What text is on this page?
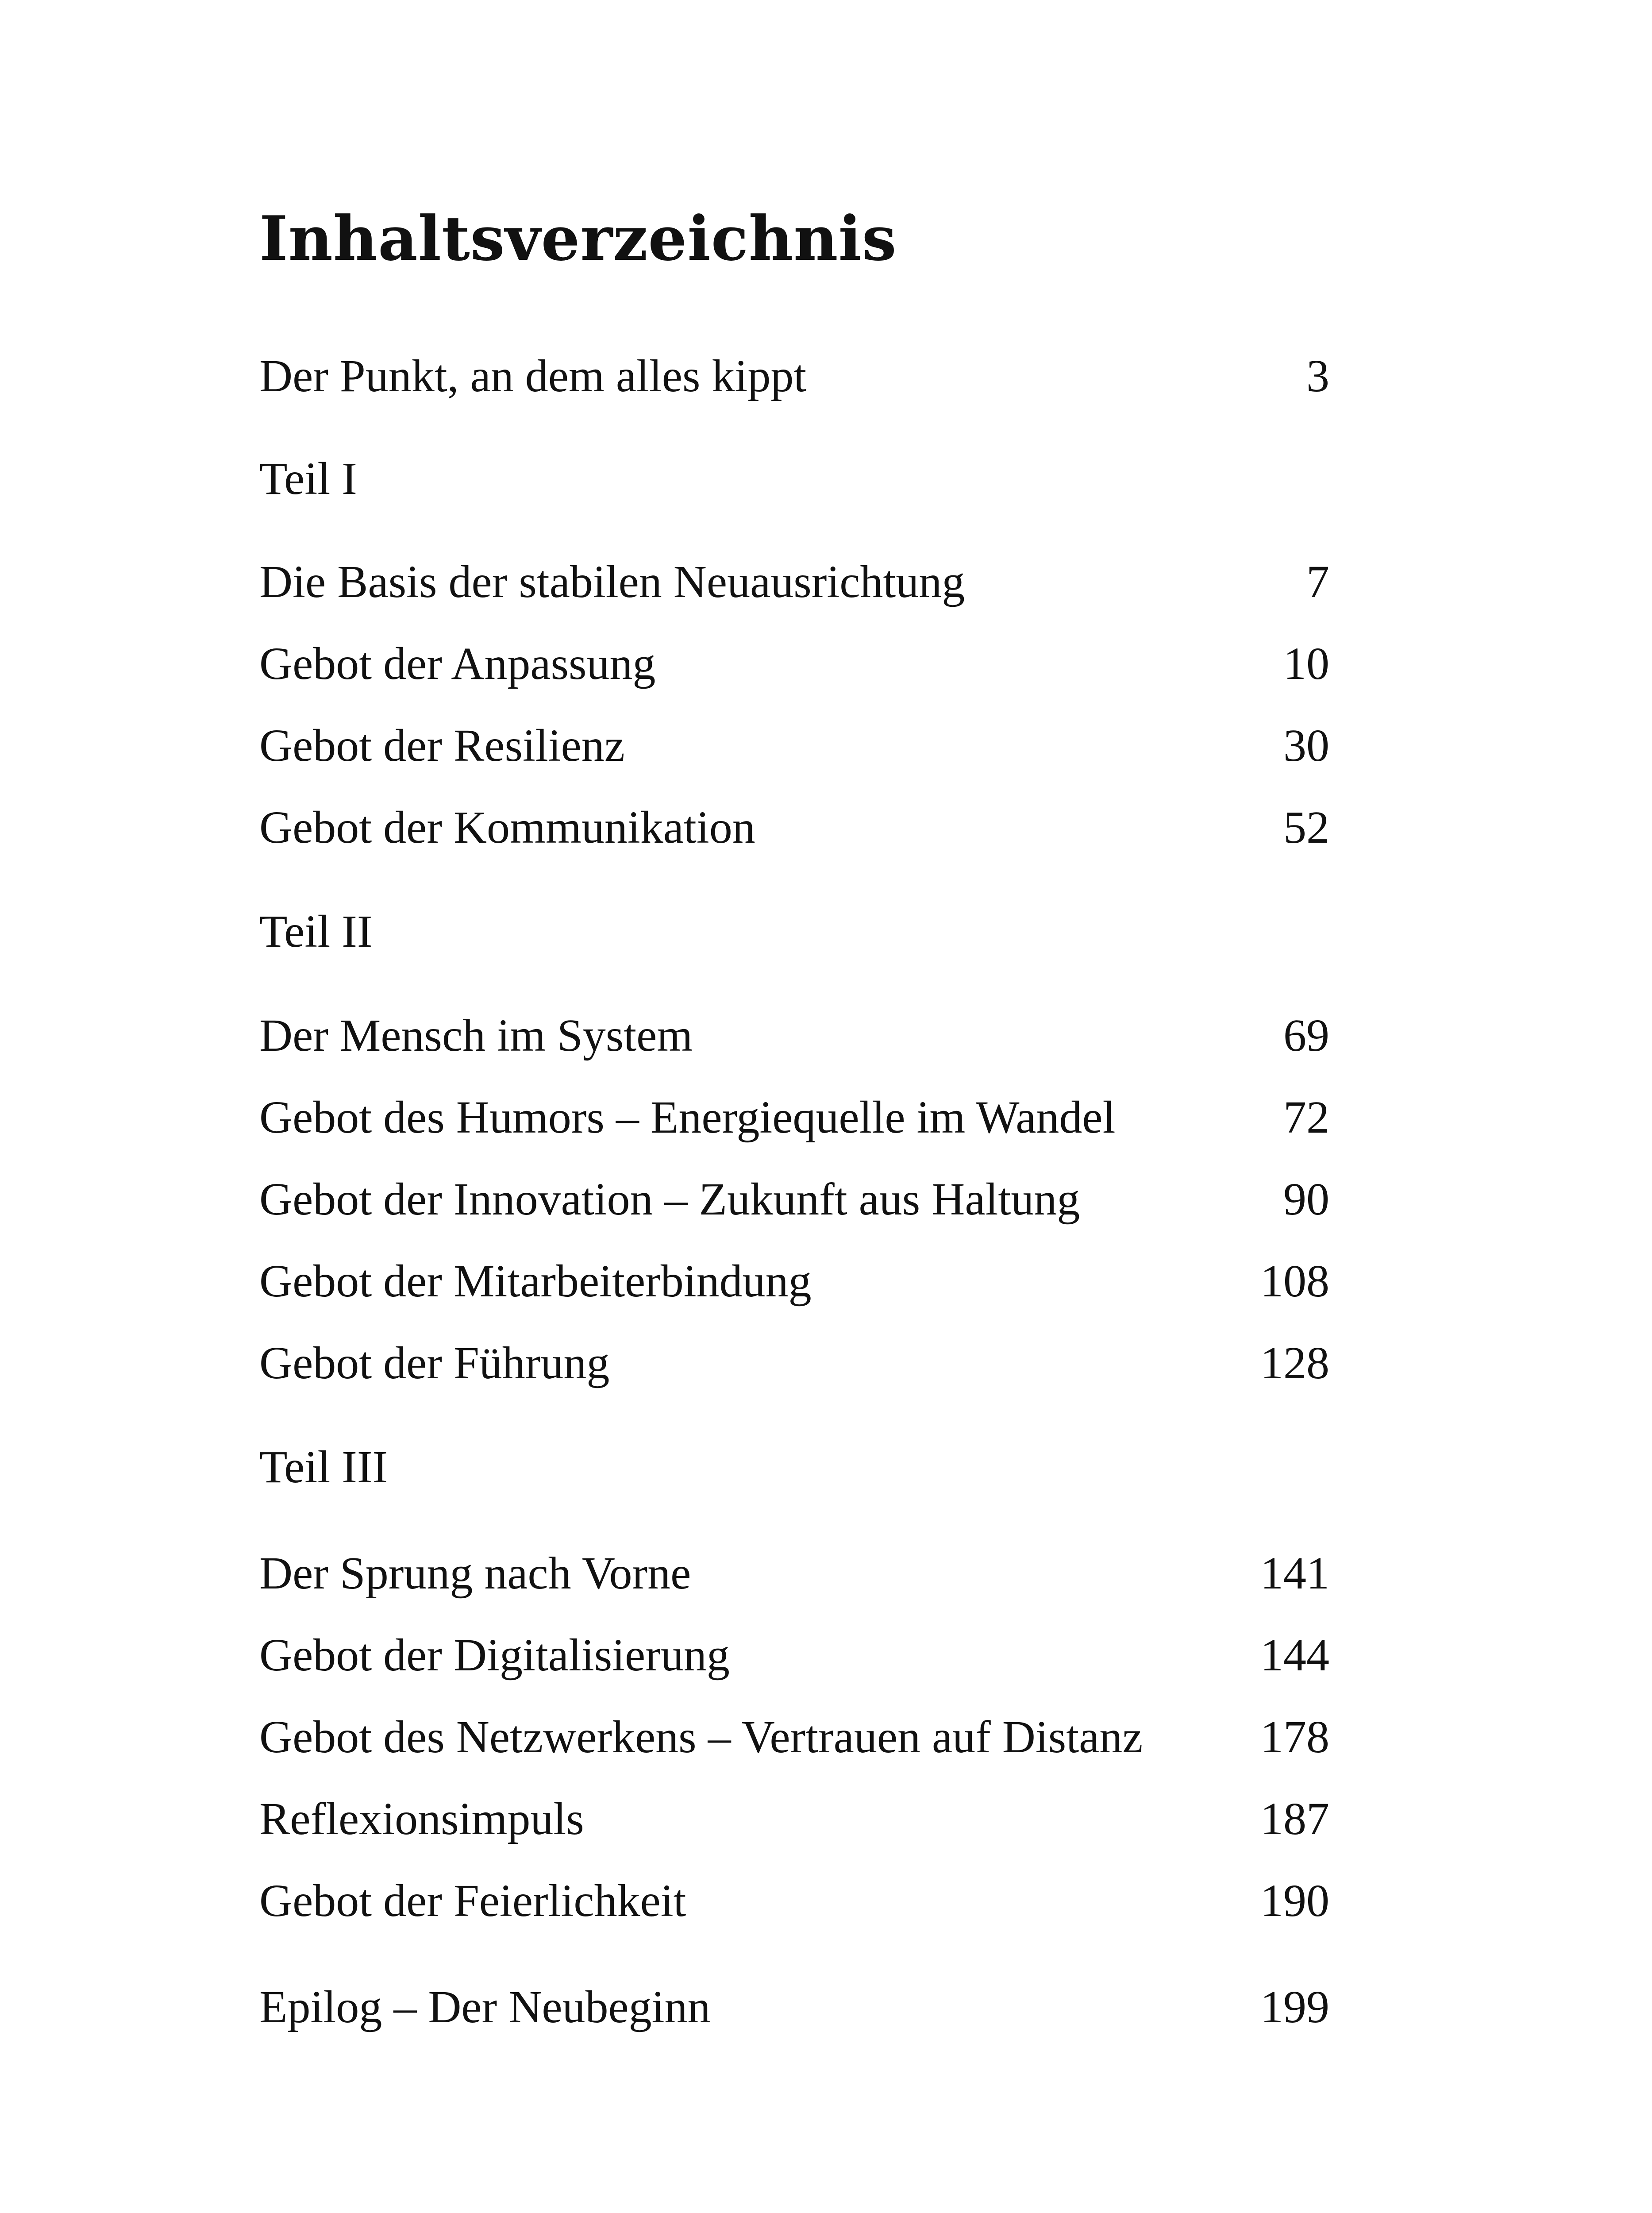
Inhaltsverzeichnis
Der Punkt, an dem alles kippt	3
Teil I
Die Basis der stabilen Neuausrichtung	7
Gebot der Anpassung	10
Gebot der Resilienz	30
Gebot der Kommunikation	52
Teil II
Der Mensch im System	69
Gebot des Humors – Energiequelle im Wandel	72
Gebot der Innovation – Zukunft aus Haltung	90
Gebot der Mitarbeiterbindung	108
Gebot der Führung	128
Teil III
Der Sprung nach Vorne	141
Gebot der Digitalisierung	144
Gebot des Netzwerkens – Vertrauen auf Distanz	178
Reflexionsimpuls	187
Gebot der Feierlichkeit	190
Epilog – Der Neubeginn	199
